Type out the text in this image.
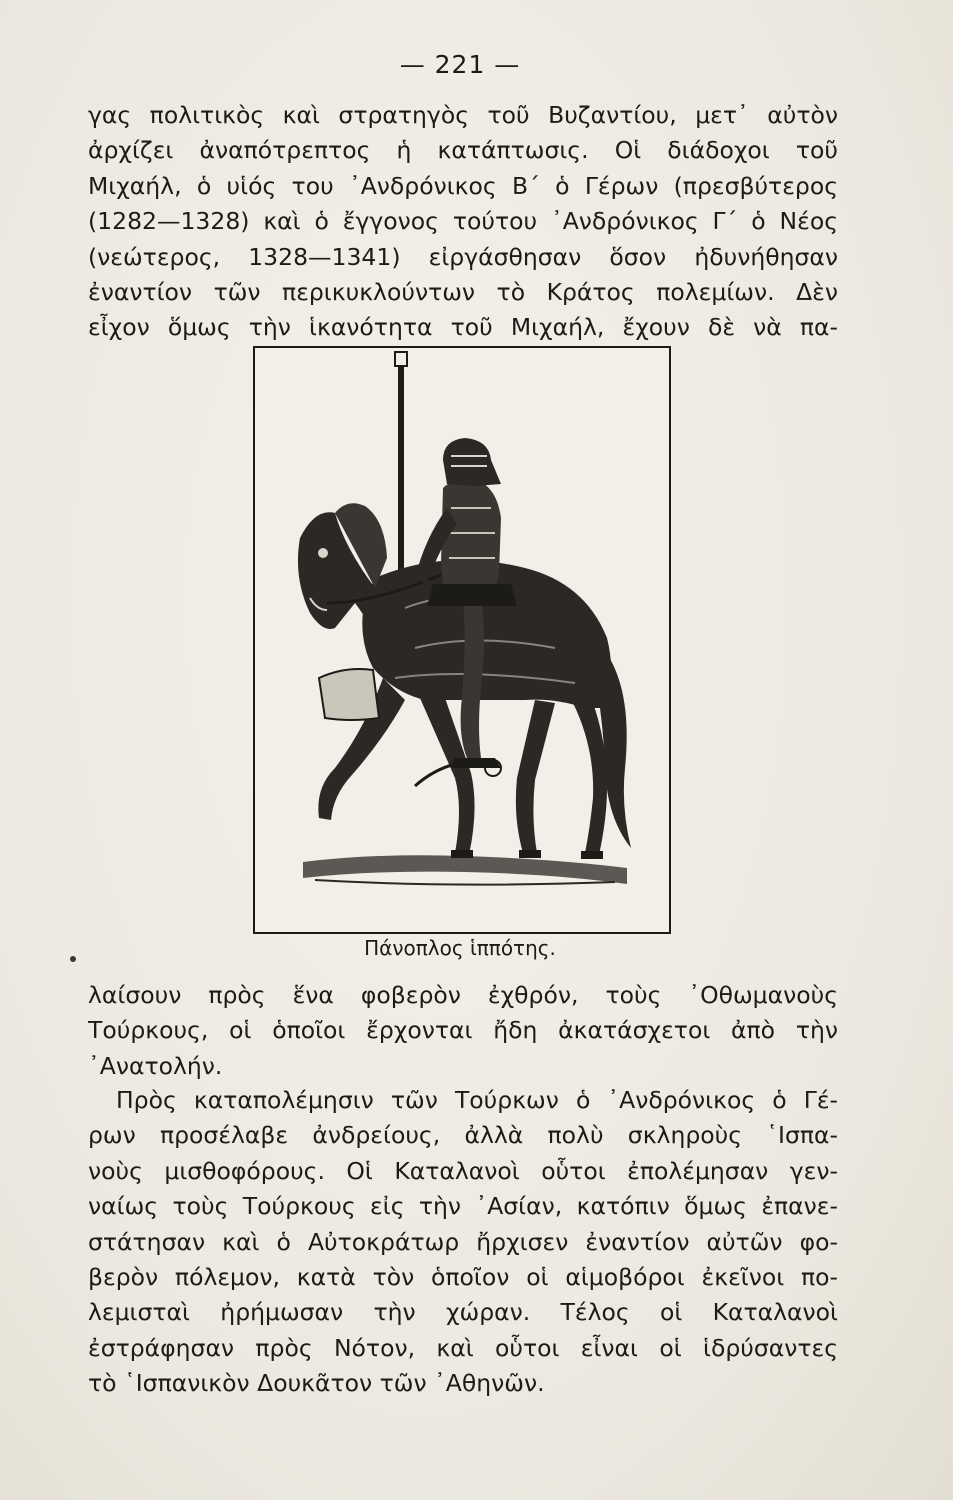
— 221 —
γας πολιτικὸς καὶ στρατηγὸς τοῦ Βυζαντίου, μετ᾿ αὐτὸν
ἀρχίζει ἀναπότρεπτος ἡ κατάπτωσις. Οἱ διάδοχοι τοῦ
Μιχαήλ, ὁ υἱός του ᾿Ανδρόνικος Β΄ ὁ Γέρων (πρεσβύτερος
(1282—1328) καὶ ὁ ἔγγονος τούτου ᾿Ανδρόνικος Γ΄ ὁ Νέος
(νεώτερος, 1328—1341) εἰργάσθησαν ὅσον ἠδυνήθησαν
ἐναντίον τῶν περικυκλούντων τὸ Κράτος πολεμίων. Δὲν
εἶχον ὅμως τὴν ἱκανότητα τοῦ Μιχαήλ, ἔχουν δὲ νὰ πα-
Πάνοπλος ἱππότης.
λαίσουν πρὸς ἕνα φοβερὸν ἐχθρόν, τοὺς ᾿Οθωμανοὺς
Τούρκους, οἱ ὁποῖοι ἔρχονται ἤδη ἀκατάσχετοι ἀπὸ τὴν
᾿Ανατολήν.
Πρὸς καταπολέμησιν τῶν Τούρκων ὁ ᾿Ανδρόνικος ὁ Γέ-
ρων προσέλαβε ἀνδρείους, ἀλλὰ πολὺ σκληροὺς ῾Ισπα-
νοὺς μισθοφόρους. Οἱ Καταλανοὶ οὗτοι ἐπολέμησαν γεν-
ναίως τοὺς Τούρκους εἰς τὴν ᾿Ασίαν, κατόπιν ὅμως ἐπανε-
στάτησαν καὶ ὁ Αὐτοκράτωρ ἤρχισεν ἐναντίον αὐτῶν φο-
βερὸν πόλεμον, κατὰ τὸν ὁποῖον οἱ αἱμοβόροι ἐκεῖνοι πο-
λεμισταὶ ἠρήμωσαν τὴν χώραν. Τέλος οἱ Καταλανοὶ
ἐστράφησαν πρὸς Νότον, καὶ οὗτοι εἶναι οἱ ἱδρύσαντες
τὸ ῾Ισπανικὸν Δουκᾶτον τῶν ᾿Αθηνῶν.
